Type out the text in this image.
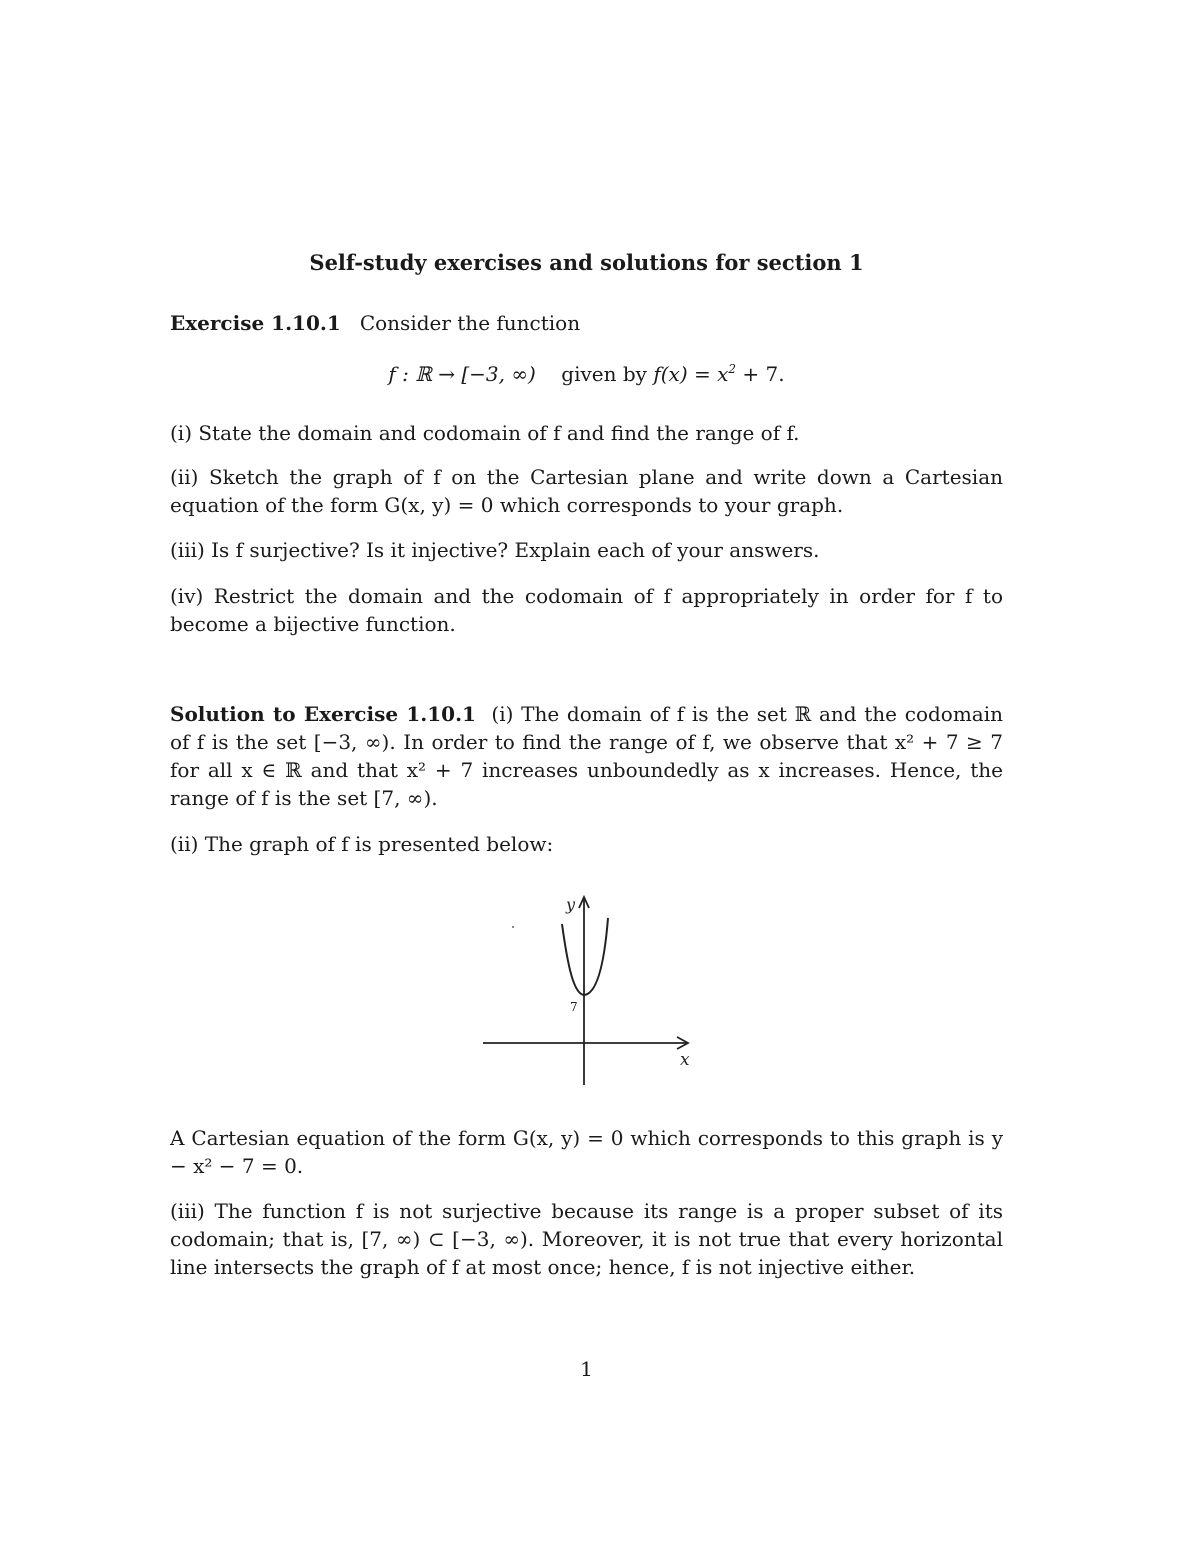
Self-study exercises and solutions for section 1
Exercise 1.10.1 Consider the function
f : ℝ → [−3, ∞) given by $f(x) = x^2 + 7$.
(i) State the domain and codomain of f and find the range of f.
(ii) Sketch the graph of f on the Cartesian plane and write down a Cartesian equation of the form G(x, y) = 0 which corresponds to your graph.
(iii) Is f surjective? Is it injective? Explain each of your answers.
(iv) Restrict the domain and the codomain of f appropriately in order for f to become a bijective function.
Solution to Exercise 1.10.1 (i) The domain of f is the set ℝ and the codomain of f is the set [−3, ∞). In order to find the range of f, we observe that x² + 7 ≥ 7 for all x ∈ ℝ and that x² + 7 increases unboundedly as x increases. Hence, the range of f is the set [7, ∞).
(ii) The graph of f is presented below:
y
x
7
A Cartesian equation of the form G(x, y) = 0 which corresponds to this graph is y − x² − 7 = 0.
(iii) The function f is not surjective because its range is a proper subset of its codomain; that is, [7, ∞) ⊂ [−3, ∞). Moreover, it is not true that every horizontal line intersects the graph of f at most once; hence, f is not injective either.
1
